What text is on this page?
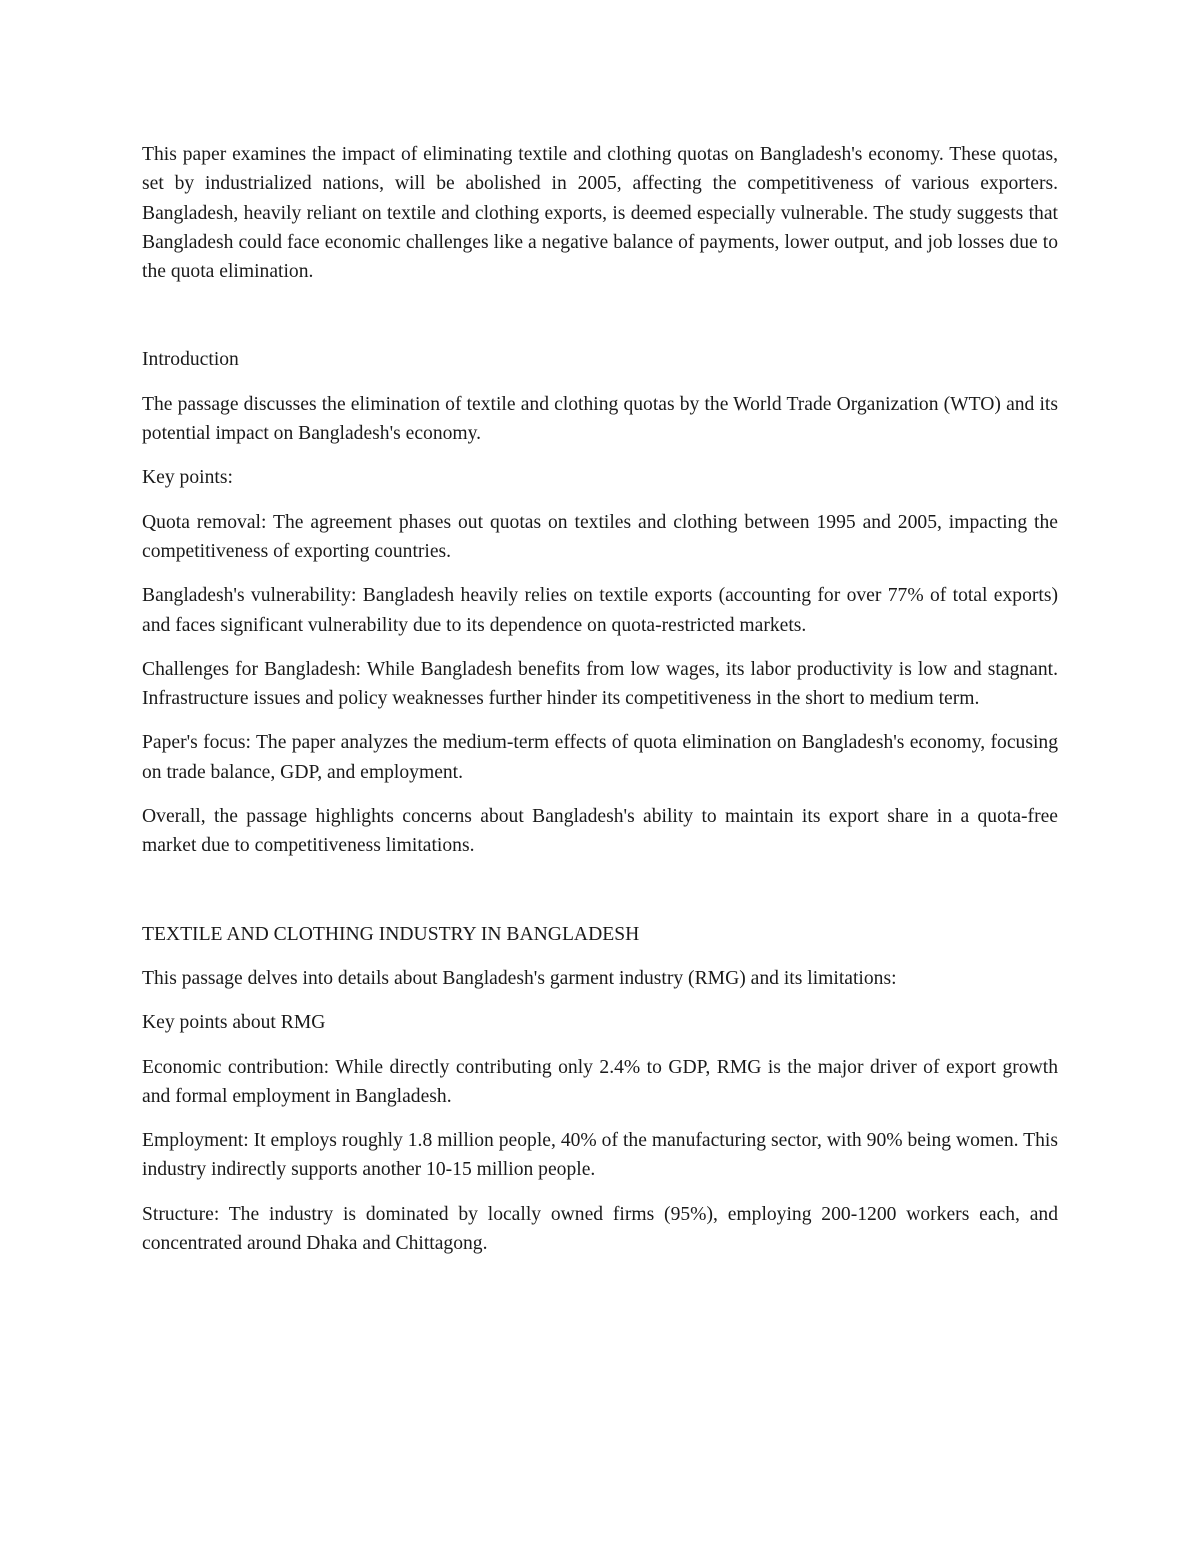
This paper examines the impact of eliminating textile and clothing quotas on Bangladesh's economy. These quotas, set by industrialized nations, will be abolished in 2005, affecting the competitiveness of various exporters. Bangladesh, heavily reliant on textile and clothing exports, is deemed especially vulnerable. The study suggests that Bangladesh could face economic challenges like a negative balance of payments, lower output, and job losses due to the quota elimination.

Introduction

The passage discusses the elimination of textile and clothing quotas by the World Trade Organization (WTO) and its potential impact on Bangladesh's economy.

Key points:

Quota removal: The agreement phases out quotas on textiles and clothing between 1995 and 2005, impacting the competitiveness of exporting countries.

Bangladesh's vulnerability: Bangladesh heavily relies on textile exports (accounting for over 77% of total exports) and faces significant vulnerability due to its dependence on quota-restricted markets.

Challenges for Bangladesh: While Bangladesh benefits from low wages, its labor productivity is low and stagnant. Infrastructure issues and policy weaknesses further hinder its competitiveness in the short to medium term.

Paper's focus: The paper analyzes the medium-term effects of quota elimination on Bangladesh's economy, focusing on trade balance, GDP, and employment.

Overall, the passage highlights concerns about Bangladesh's ability to maintain its export share in a quota-free market due to competitiveness limitations.

TEXTILE AND CLOTHING INDUSTRY IN BANGLADESH

This passage delves into details about Bangladesh's garment industry (RMG) and its limitations:

Key points about RMG

Economic contribution: While directly contributing only 2.4% to GDP, RMG is the major driver of export growth and formal employment in Bangladesh.

Employment: It employs roughly 1.8 million people, 40% of the manufacturing sector, with 90% being women. This industry indirectly supports another 10-15 million people.

Structure: The industry is dominated by locally owned firms (95%), employing 200-1200 workers each, and concentrated around Dhaka and Chittagong.
